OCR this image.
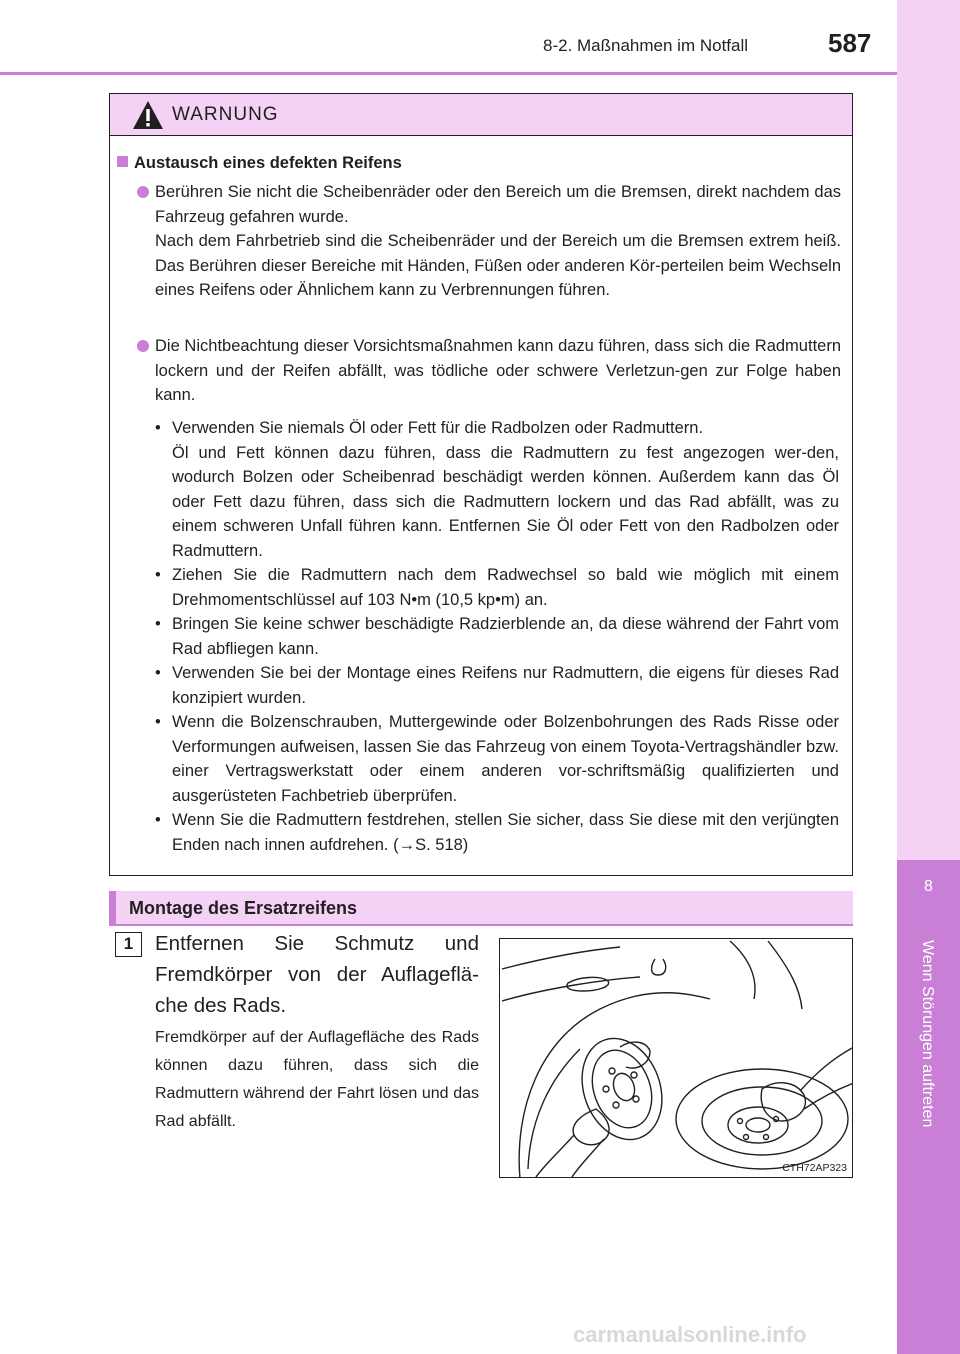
8-2. Maßnahmen im Notfall	587
8
Wenn Störungen auftreten
WARNUNG
Austausch eines defekten Reifens

Berühren Sie nicht die Scheibenräder oder den Bereich um die Bremsen, direkt nachdem das Fahrzeug gefahren wurde.

Nach dem Fahrbetrieb sind die Scheibenräder und der Bereich um die Bremsen extrem heiß. Das Berühren dieser Bereiche mit Händen, Füßen oder anderen Kör-perteilen beim Wechseln eines Reifens oder Ähnlichem kann zu Verbrennungen führen.

Die Nichtbeachtung dieser Vorsichtsmaßnahmen kann dazu führen, dass sich die Radmuttern lockern und der Reifen abfällt, was tödliche oder schwere Verletzun-gen zur Folge haben kann.

• Verwenden Sie niemals Öl oder Fett für die Radbolzen oder Radmuttern.
Öl und Fett können dazu führen, dass die Radmuttern zu fest angezogen wer-den, wodurch Bolzen oder Scheibenrad beschädigt werden können. Außerdem kann das Öl oder Fett dazu führen, dass sich die Radmuttern lockern und das Rad abfällt, was zu einem schweren Unfall führen kann. Entfernen Sie Öl oder Fett von den Radbolzen oder Radmuttern.
• Ziehen Sie die Radmuttern nach dem Radwechsel so bald wie möglich mit einem Drehmomentschlüssel auf 103 N•m (10,5 kp•m) an.
• Bringen Sie keine schwer beschädigte Radzierblende an, da diese während der Fahrt vom Rad abfliegen kann.
• Verwenden Sie bei der Montage eines Reifens nur Radmuttern, die eigens für dieses Rad konzipiert wurden.
• Wenn die Bolzenschrauben, Muttergewinde oder Bolzenbohrungen des Rads Risse oder Verformungen aufweisen, lassen Sie das Fahrzeug von einem Toyota-Vertragshändler bzw. einer Vertragswerkstatt oder einem anderen vor-schriftsmäßig qualifizierten und ausgerüsteten Fachbetrieb überprüfen.
• Wenn Sie die Radmuttern festdrehen, stellen Sie sicher, dass Sie diese mit den verjüngten Enden nach innen aufdrehen. (→S. 518)
Montage des Ersatzreifens
1	Entfernen Sie Schmutz und Fremdkörper von der Auflageflä-che des Rads.
Fremdkörper auf der Auflagefläche des Rads können dazu führen, dass sich die Radmuttern während der Fahrt lösen und das Rad abfällt.
CTH72AP323
carmanualsonline.info
